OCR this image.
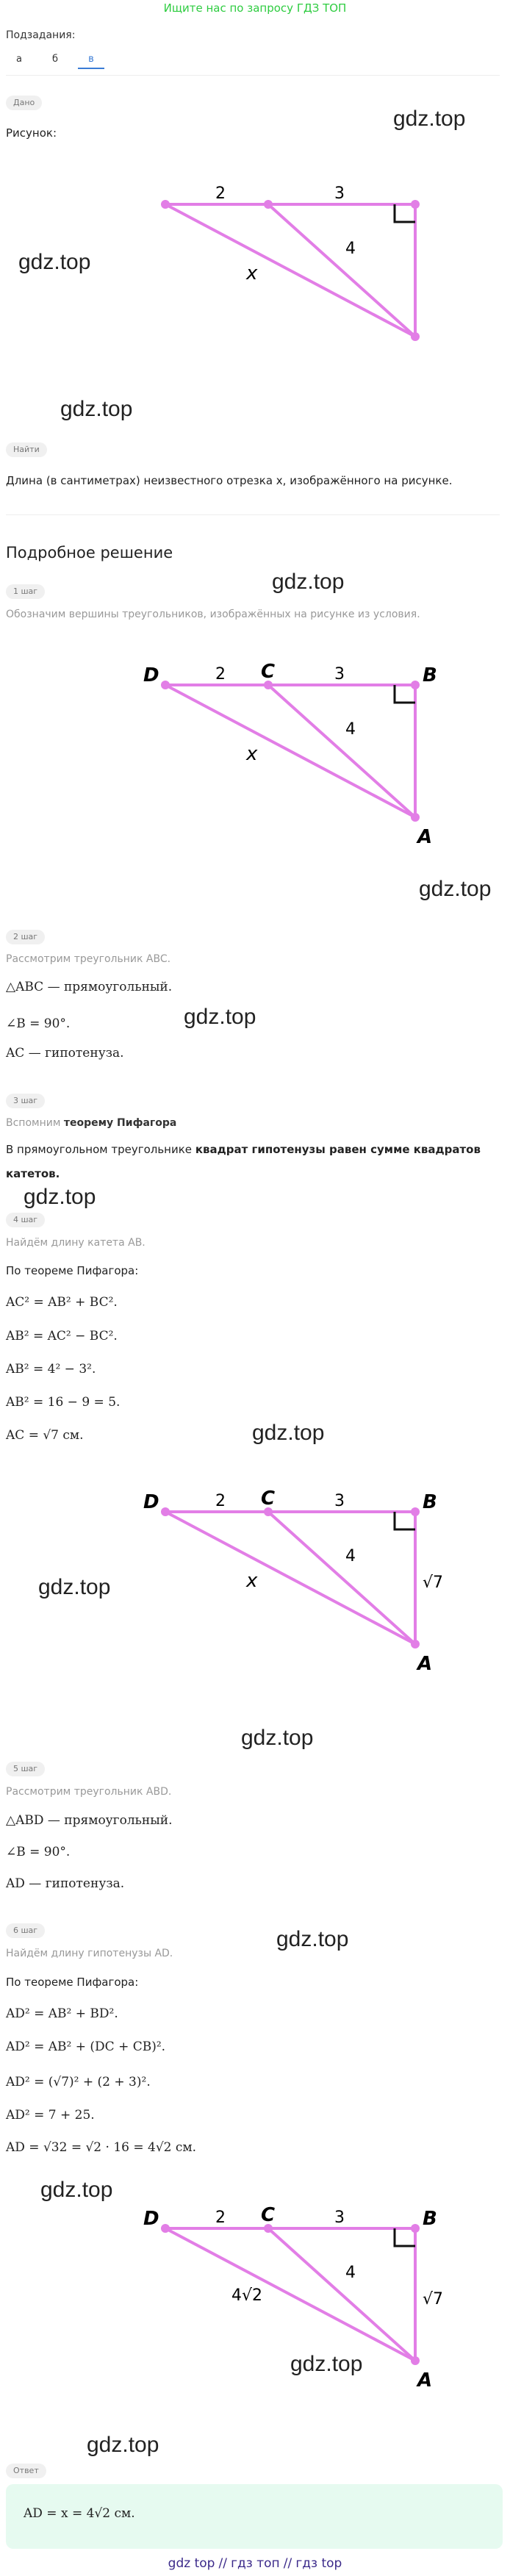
Ищите нас по запросу ГДЗ ТОП
Подзадания:
а	б	в
Дано
gdz.top
Рисунок:
2	3
4
x
gdz.top
gdz.top
Найти
Длина (в сантиметрах) неизвестного отрезка x, изображённого на рисунке.
Подробное решение
gdz.top
1 шаг
Обозначим вершины треугольников, изображённых на рисунке из условия.
D	C	B
A
2	3
4
x
gdz.top
2 шаг
Рассмотрим треугольник ABC.
△ABC — прямоугольный.
gdz.top
∠B = 90°.
AC — гипотенуза.
3 шаг
Вспомним теорему Пифагора
В прямоугольном треугольнике квадрат гипотенузы равен сумме квадратов
катетов.
gdz.top
4 шаг
Найдём длину катета AB.
По теореме Пифагора:
AC² = AB² + BC².
AB² = AC² − BC².
AB² = 4² − 3².
AB² = 16 − 9 = 5.
gdz.top
AC = √7 см.
D	C	B
A
2	3
4
x	√7
gdz.top
gdz.top
5 шаг
Рассмотрим треугольник ABD.
△ABD — прямоугольный.
∠B = 90°.
AD — гипотенуза.
6 шаг	gdz.top
Найдём длину гипотенузы AD.
По теореме Пифагора:
AD² = AB² + BD².
AD² = AB² + (DC + CB)².
AD² = (√7)² + (2 + 3)².
AD² = 7 + 25.
AD = √32 = √2 · 16 = 4√2 см.
gdz.top
D	C	B
A
2	3
4
4√2	√7
gdz.top
gdz.top
Ответ
AD = x = 4√2 см.
gdz top // гдз топ // гдз top
